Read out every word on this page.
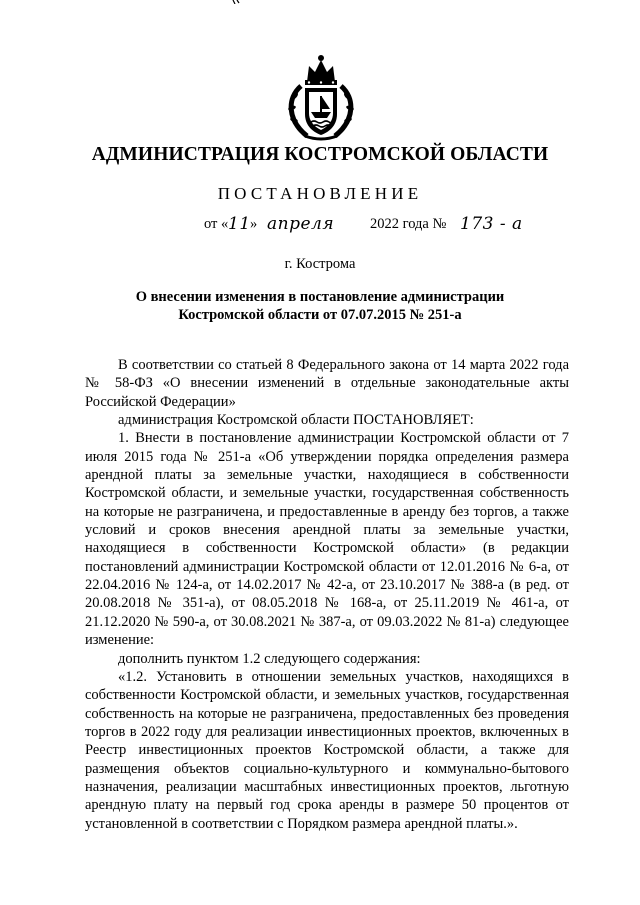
АДМИНИСТРАЦИЯ КОСТРОМСКОЙ ОБЛАСТИ
ПОСТАНОВЛЕНИЕ
от « 11 » апреля 2022 года № 173 - а
г. Кострома
О внесении изменения в постановление администрации
Костромской области от 07.07.2015 № 251-а

В соответствии со статьей 8 Федерального закона от 14 марта 2022 года № 58-ФЗ «О внесении изменений в отдельные законодательные акты Российской Федерации»

администрация Костромской области ПОСТАНОВЛЯЕТ:

1. Внести в постановление администрации Костромской области от 7 июля 2015 года № 251-а «Об утверждении порядка определения размера арендной платы за земельные участки, находящиеся в собственности Костромской области, и земельные участки, государственная собственность на которые не разграничена, и предоставленные в аренду без торгов, а также условий и сроков внесения арендной платы за земельные участки, находящиеся в собственности Костромской области» (в редакции постановлений администрации Костромской области от 12.01.2016 № 6-а, от 22.04.2016 № 124-а, от 14.02.2017 № 42-а, от 23.10.2017 № 388-а (в ред. от 20.08.2018 № 351-а), от 08.05.2018 № 168-а, от 25.11.2019 № 461-а, от 21.12.2020 № 590-а, от 30.08.2021 № 387-а, от 09.03.2022 № 81-а) следующее изменение:

дополнить пунктом 1.2 следующего содержания:

«1.2. Установить в отношении земельных участков, находящихся в собственности Костромской области, и земельных участков, государственная собственность на которые не разграничена, предоставленных без проведения торгов в 2022 году для реализации инвестиционных проектов, включенных в Реестр инвестиционных проектов Костромской области, а также для размещения объектов социально-культурного и коммунально-бытового назначения, реализации масштабных инвестиционных проектов, льготную арендную плату на первый год срока аренды в размере 50 процентов от установленной в соответствии с Порядком размера арендной платы.».
